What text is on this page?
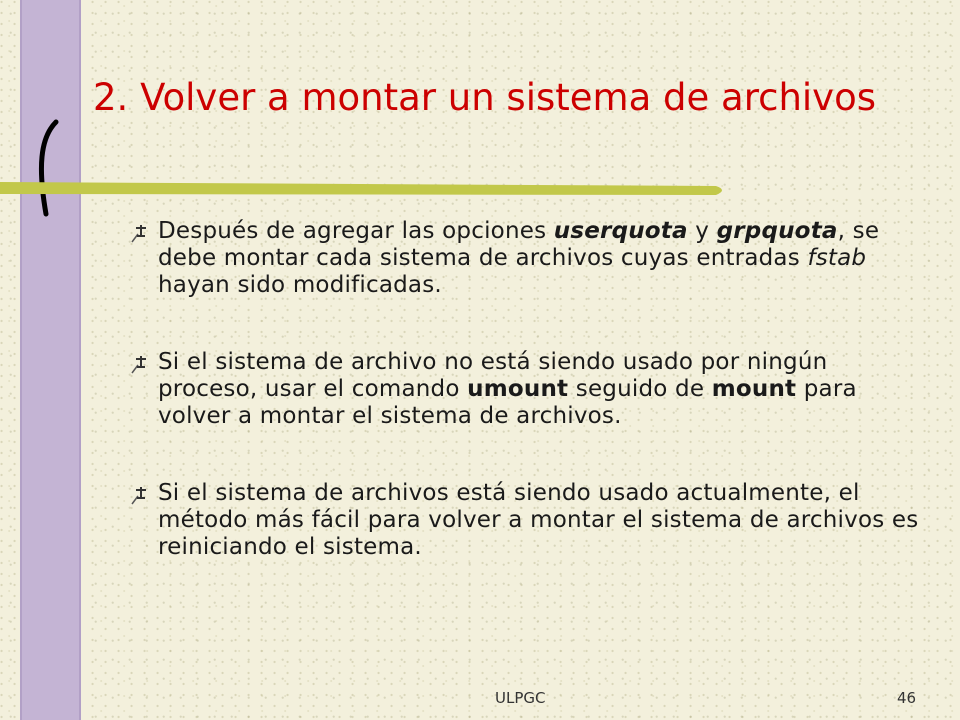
2. Volver a montar un sistema de archivos
Después de agregar las opciones userquota y grpquota, se debe montar cada sistema de archivos cuyas entradas fstab hayan sido modificadas.
Si el sistema de archivo no está siendo usado por ningún proceso, usar el comando umount seguido de mount para volver a montar el sistema de archivos.
Si el sistema de archivos está siendo usado actualmente, el método más fácil para volver a montar el sistema de archivos es reiniciando el sistema.
ULPGC	46
